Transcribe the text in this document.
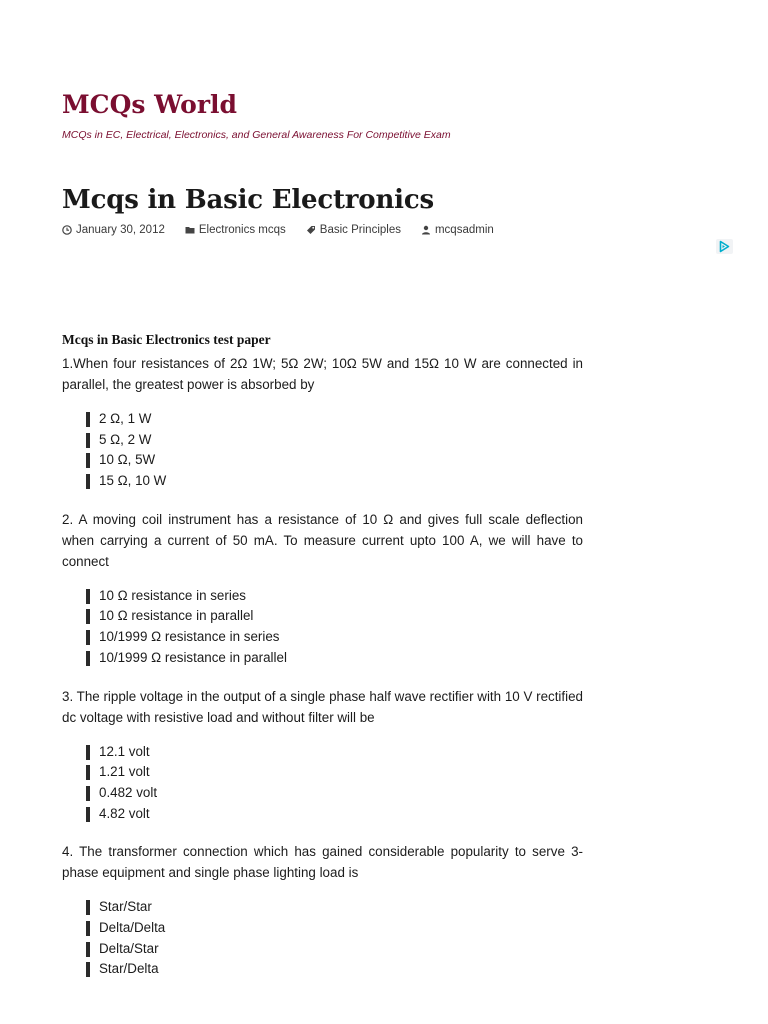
MCQs World
MCQs in EC, Electrical, Electronics, and General Awareness For Competitive Exam
Mcqs in Basic Electronics
January 30, 2012	Electronics mcqs	Basic Principles	mcqsadmin

Mcqs in Basic Electronics test paper

1.When four resistances of 2Ω 1W; 5Ω 2W; 10Ω 5W and 15Ω 10 W are connected in parallel, the greatest power is absorbed by

2 Ω, 1 W
5 Ω, 2 W
10 Ω, 5W
15 Ω, 10 W

2. A moving coil instrument has a resistance of 10 Ω and gives full scale deflection when carrying a current of 50 mA. To measure current upto 100 A, we will have to connect

10 Ω resistance in series
10 Ω resistance in parallel
10/1999 Ω resistance in series
10/1999 Ω resistance in parallel

3. The ripple voltage in the output of a single phase half wave rectifier with 10 V rectified dc voltage with resistive load and without filter will be

12.1 volt
1.21 volt
0.482 volt
4.82 volt

4. The transformer connection which has gained considerable popularity to serve 3-phase equipment and single phase lighting load is

Star/Star
Delta/Delta
Delta/Star
Star/Delta
